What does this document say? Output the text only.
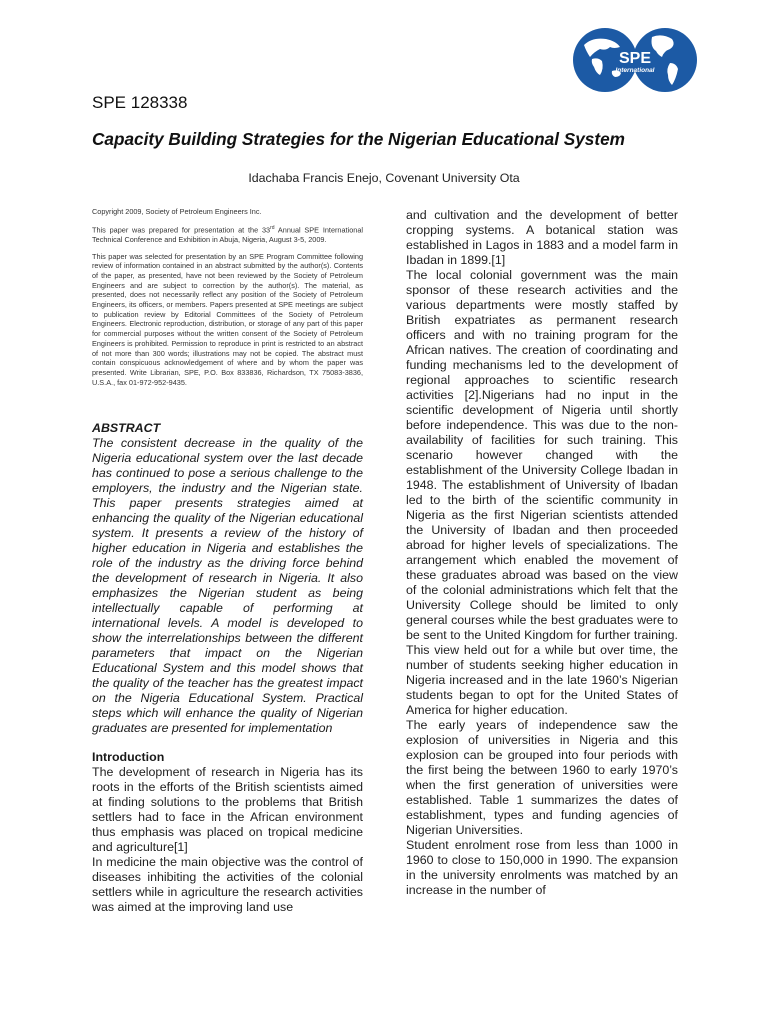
SPE
International
SPE 128338
Capacity Building Strategies for the Nigerian Educational System
Idachaba Francis Enejo, Covenant University Ota

Copyright 2009, Society of Petroleum Engineers Inc.

This paper was prepared for presentation at the 33rd Annual SPE International Technical Conference and Exhibition in Abuja, Nigeria, August 3-5, 2009.

This paper was selected for presentation by an SPE Program Committee following review of information contained in an abstract submitted by the author(s). Contents of the paper, as presented, have not been reviewed by the Society of Petroleum Engineers and are subject to correction by the author(s). The material, as presented, does not necessarily reflect any position of the Society of Petroleum Engineers, its officers, or members. Papers presented at SPE meetings are subject to publication review by Editorial Committees of the Society of Petroleum Engineers. Electronic reproduction, distribution, or storage of any part of this paper for commercial purposes without the written consent of the Society of Petroleum Engineers is prohibited. Permission to reproduce in print is restricted to an abstract of not more than 300 words; illustrations may not be copied. The abstract must contain conspicuous acknowledgement of where and by whom the paper was presented. Write Librarian, SPE, P.O. Box 833836, Richardson, TX 75083-3836, U.S.A., fax 01-972-952-9435.

ABSTRACT

The consistent decrease in the quality of the Nigeria educational system over the last decade has continued to pose a serious challenge to the employers, the industry and the Nigerian state. This paper presents strategies aimed at enhancing the quality of the Nigerian educational system. It presents a review of the history of higher education in Nigeria and establishes the role of the industry as the driving force behind the development of research in Nigeria. It also emphasizes the Nigerian student as being intellectually capable of performing at international levels. A model is developed to show the interrelationships between the different parameters that impact on the Nigerian Educational System and this model shows that the quality of the teacher has the greatest impact on the Nigeria Educational System. Practical steps which will enhance the quality of Nigerian graduates are presented for implementation

Introduction

The development of research in Nigeria has its roots in the efforts of the British scientists aimed at finding solutions to the problems that British settlers had to face in the African environment thus emphasis was placed on tropical medicine and agriculture[1]

In medicine the main objective was the control of diseases inhibiting the activities of the colonial settlers while in agriculture the research activities was aimed at the improving land use

and cultivation and the development of better cropping systems. A botanical station was established in Lagos in 1883 and a model farm in Ibadan in 1899.[1]

The local colonial government was the main sponsor of these research activities and the various departments were mostly staffed by British expatriates as permanent research officers and with no training program for the African natives. The creation of coordinating and funding mechanisms led to the development of regional approaches to scientific research activities [2].Nigerians had no input in the scientific development of Nigeria until shortly before independence. This was due to the non-availability of facilities for such training. This scenario however changed with the establishment of the University College Ibadan in 1948. The establishment of University of Ibadan led to the birth of the scientific community in Nigeria as the first Nigerian scientists attended the University of Ibadan and then proceeded abroad for higher levels of specializations. The arrangement which enabled the movement of these graduates abroad was based on the view of the colonial administrations which felt that the University College should be limited to only general courses while the best graduates were to be sent to the United Kingdom for further training. This view held out for a while but over time, the number of students seeking higher education in Nigeria increased and in the late 1960’s Nigerian students began to opt for the United States of America for higher education.

The early years of independence saw the explosion of universities in Nigeria and this explosion can be grouped into four periods with the first being the between 1960 to early 1970’s when the first generation of universities were established. Table 1 summarizes the dates of establishment, types and funding agencies of Nigerian Universities.

Student enrolment rose from less than 1000 in 1960 to close to 150,000 in 1990. The expansion in the university enrolments was matched by an increase in the number of
